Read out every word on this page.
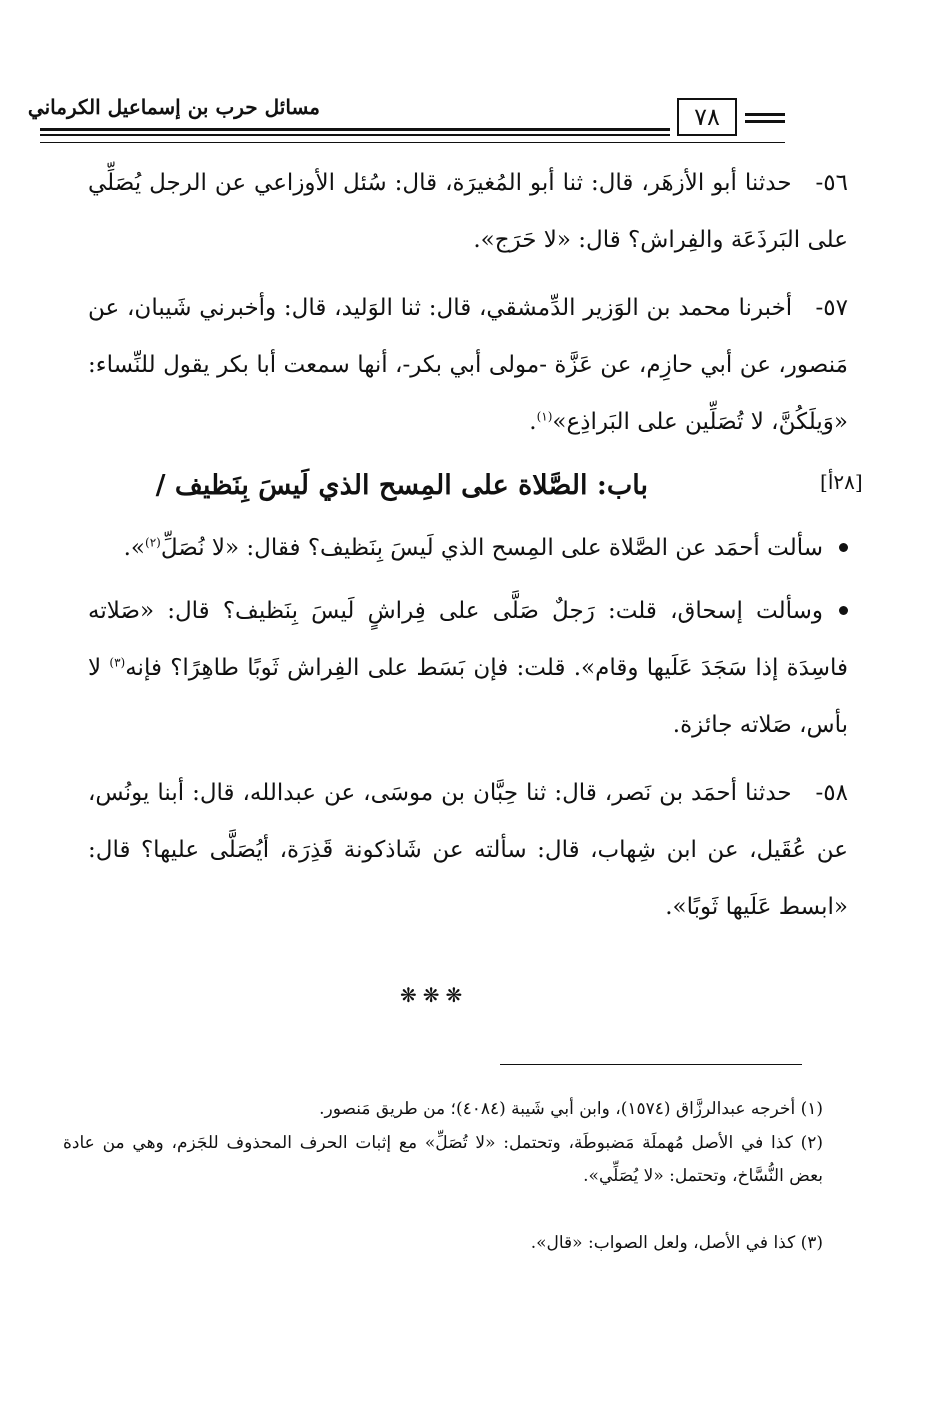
مسائل حرب بن إسماعيل الكرماني	٧٨
٥٦-   حدثنا أبو الأزهَر، قال: ثنا أبو المُغيرَة، قال: سُئل الأوزاعي عن الرجل يُصَلِّي على البَرذَعَة والفِراش؟ قال: «لا حَرَج».
٥٧-   أخبرنا محمد بن الوَزير الدِّمشقي، قال: ثنا الوَليد، قال: وأخبرني شَيبان، عن مَنصور، عن أبي حازِم، عن عَزَّة -مولى أبي بكر-، أنها سمعت أبا بكر يقول للنِّساء: «وَيلَكُنَّ، لا تُصَلِّين على البَراذِع»$^{(١)}$.
[٢٨أ]
باب: الصَّلاة على المِسح الذي لَيسَ بِنَظيف /
سألت أحمَد عن الصَّلاة على المِسح الذي لَيسَ بِنَظيف؟ فقال: «لا نُصَلِّ$^{(٢)}$».
وسألت إسحاق، قلت: رَجلٌ صَلَّى على فِراشٍ لَيسَ بِنَظيف؟ قال: «صَلاته فاسِدَة إذا سَجَدَ عَلَيها وقام». قلت: فإن بَسَط على الفِراش ثَوبًا طاهِرًا؟ فإنه$^{(٣)}$ لا بأس، صَلاته جائزة.
٥٨-   حدثنا أحمَد بن نَصر، قال: ثنا حِبَّان بن موسَى، عن عبدالله، قال: أبنا يونُس، عن عُقَيل، عن ابن شِهاب، قال: سألته عن شَاذكونة قَذِرَة، أيُصَلَّى عليها؟ قال: «ابسط عَلَيها ثَوبًا».
❋❋❋
(١) أخرجه عبدالرزَّاق (١٥٧٤)، وابن أبي شَيبة (٤٠٨٤)؛ من طريق مَنصور.
(٢) كذا في الأصل مُهملَة مَضبوطَة، وتحتمل: «لا تُصَلِّ» مع إثبات الحرف المحذوف للجَزم، وهي من عادة بعض النُّسَّاخ، وتحتمل: «لا يُصَلِّي».
(٣) كذا في الأصل، ولعل الصواب: «قال».
